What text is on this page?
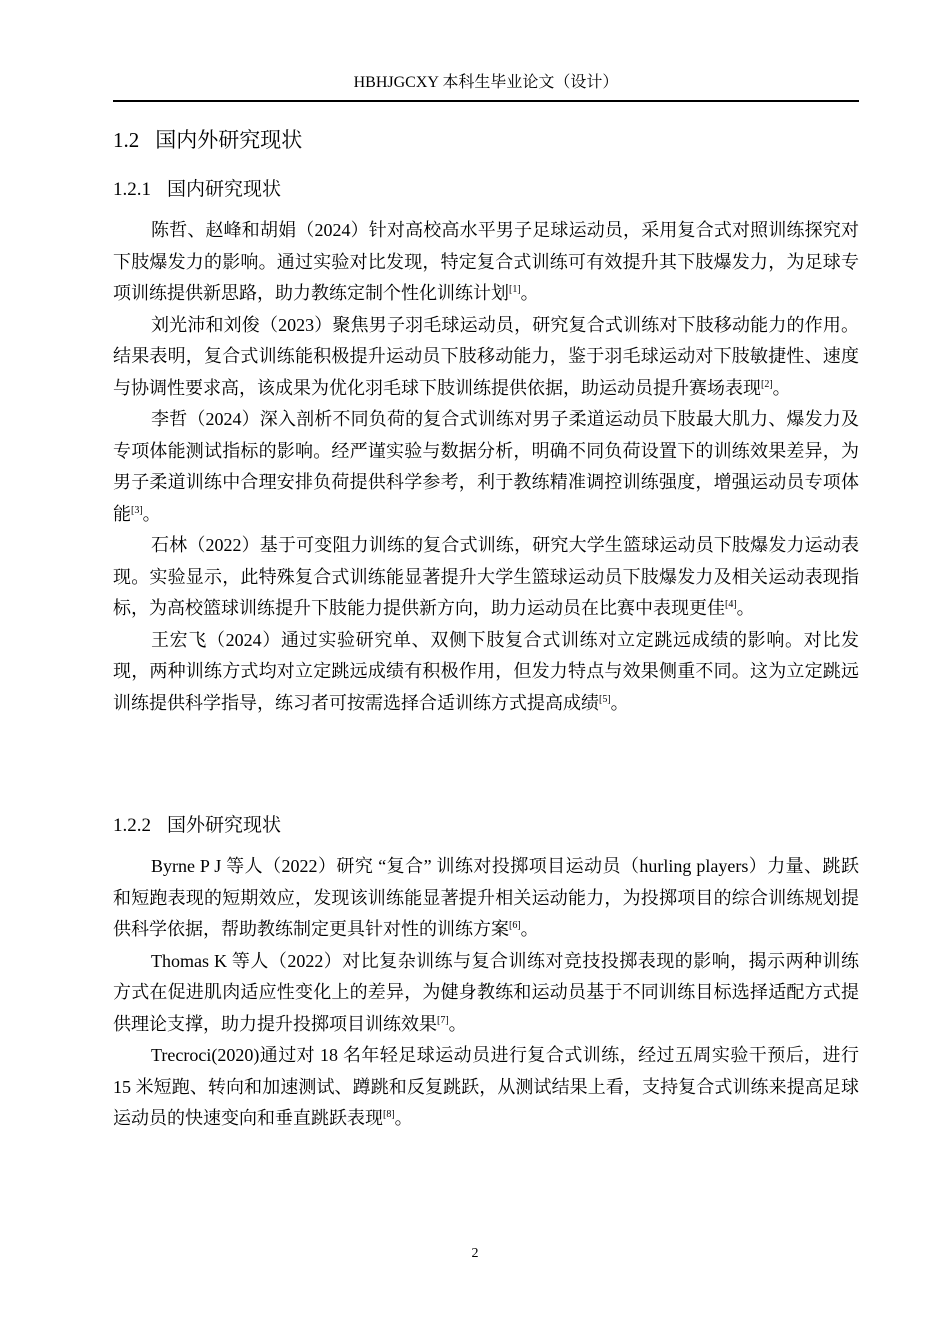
HBHJGCXY 本科生毕业论文（设计）
1.2 国内外研究现状
1.2.1 国内研究现状

陈哲、赵峰和胡娟（2024）针对高校高水平男子足球运动员，采用复合式对照训练探究对下肢爆发力的影响。通过实验对比发现，特定复合式训练可有效提升其下肢爆发力，为足球专项训练提供新思路，助力教练定制个性化训练计划[1]。

刘光沛和刘俊（2023）聚焦男子羽毛球运动员，研究复合式训练对下肢移动能力的作用。结果表明，复合式训练能积极提升运动员下肢移动能力，鉴于羽毛球运动对下肢敏捷性、速度与协调性要求高，该成果为优化羽毛球下肢训练提供依据，助运动员提升赛场表现[2]。

李哲（2024）深入剖析不同负荷的复合式训练对男子柔道运动员下肢最大肌力、爆发力及专项体能测试指标的影响。经严谨实验与数据分析，明确不同负荷设置下的训练效果差异，为男子柔道训练中合理安排负荷提供科学参考，利于教练精准调控训练强度，增强运动员专项体能[3]。

石林（2022）基于可变阻力训练的复合式训练，研究大学生篮球运动员下肢爆发力运动表现。实验显示，此特殊复合式训练能显著提升大学生篮球运动员下肢爆发力及相关运动表现指标，为高校篮球训练提升下肢能力提供新方向，助力运动员在比赛中表现更佳[4]。

王宏飞（2024）通过实验研究单、双侧下肢复合式训练对立定跳远成绩的影响。对比发现，两种训练方式均对立定跳远成绩有积极作用，但发力特点与效果侧重不同。这为立定跳远训练提供科学指导，练习者可按需选择合适训练方式提高成绩[5]。

1.2.2 国外研究现状

Byrne P J 等人（2022）研究 “复合” 训练对投掷项目运动员（hurling players）力量、跳跃和短跑表现的短期效应，发现该训练能显著提升相关运动能力，为投掷项目的综合训练规划提供科学依据，帮助教练制定更具针对性的训练方案[6]。

Thomas K 等人（2022）对比复杂训练与复合训练对竞技投掷表现的影响，揭示两种训练方式在促进肌肉适应性变化上的差异，为健身教练和运动员基于不同训练目标选择适配方式提供理论支撑，助力提升投掷项目训练效果[7]。

Trecroci(2020)通过对 18 名年轻足球运动员进行复合式训练，经过五周实验干预后，进行 15 米短跑、转向和加速测试、蹲跳和反复跳跃，从测试结果上看，支持复合式训练来提高足球运动员的快速变向和垂直跳跃表现[8]。

2
